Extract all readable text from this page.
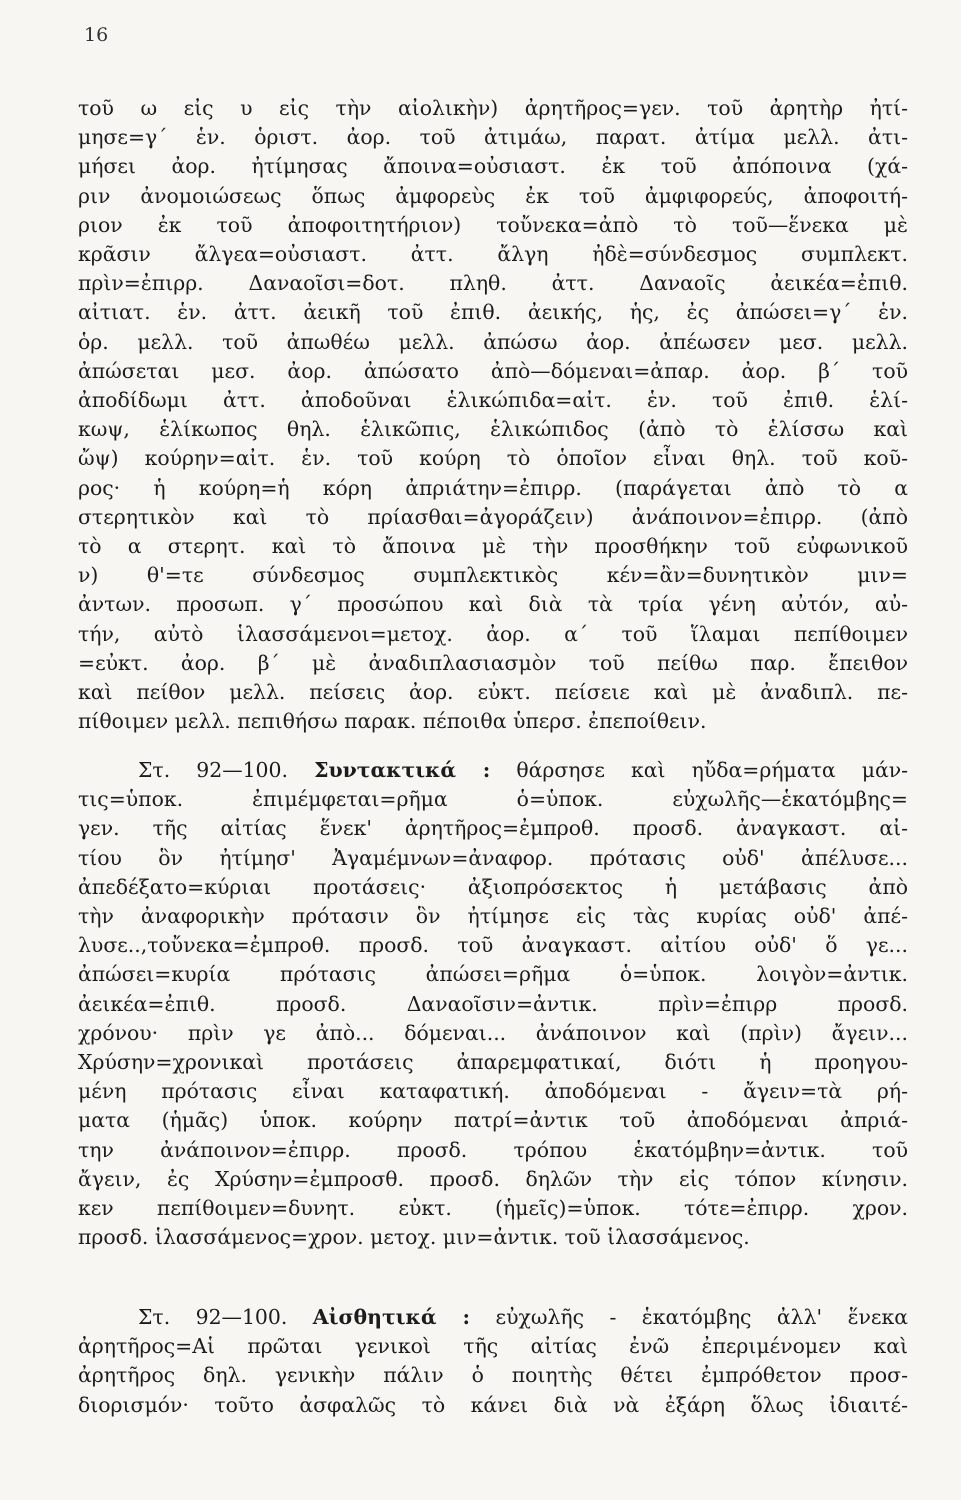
16
τοῦ ω εἰς υ εἰς τὴν αἰολικὴν) ἀρητῆρος=γεν. τοῦ ἀρητὴρ ἠτί-
μησε=γ΄ ἑν. ὁριστ. ἀορ. τοῦ ἀτιμάω, παρατ. ἀτίμα μελλ. ἀτι-
μήσει ἀορ. ἠτίμησας ἄποινα=οὐσιαστ. ἐκ τοῦ ἀπόποινα (χά-
ριν ἀνομοιώσεως ὅπως ἀμφορεὺς ἐκ τοῦ ἀμφιφορεύς, ἀποφοιτή-
ριον ἐκ τοῦ ἀποφοιτητήριον) τοὔνεκα=ἀπὸ τὸ τοῦ—ἕνεκα μὲ
κρᾶσιν ἄλγεα=οὐσιαστ. ἀττ. ἄλγη ἠδὲ=σύνδεσμος συμπλεκτ.
πρὶν=ἐπιρρ. Δαναοῖσι=δοτ. πληθ. ἀττ. Δαναοῖς ἀεικέα=ἐπιθ.
αἰτιατ. ἑν. ἀττ. ἀεικῆ τοῦ ἐπιθ. ἀεικής, ἡς, ἐς ἀπώσει=γ΄ ἑν.
ὁρ. μελλ. τοῦ ἀπωθέω μελλ. ἀπώσω ἀορ. ἀπέωσεν μεσ. μελλ.
ἀπώσεται μεσ. ἀορ. ἀπώσατο ἀπὸ—δόμεναι=ἀπαρ. ἀορ. β΄ τοῦ
ἀποδίδωμι ἀττ. ἀποδοῦναι ἑλικώπιδα=αἰτ. ἑν. τοῦ ἐπιθ. ἑλί-
κωψ, ἑλίκωπος θηλ. ἑλικῶπις, ἑλικώπιδος (ἀπὸ τὸ ἑλίσσω καὶ
ὤψ) κούρην=αἰτ. ἑν. τοῦ κούρη τὸ ὁποῖον εἶναι θηλ. τοῦ κοῦ-
ρος· ἡ κούρη=ἡ κόρη ἀπριάτην=ἐπιρρ. (παράγεται ἀπὸ τὸ α
στερητικὸν καὶ τὸ πρίασθαι=ἀγοράζειν) ἀνάποινον=ἐπιρρ. (ἀπὸ
τὸ α στερητ. καὶ τὸ ἄποινα μὲ τὴν προσθήκην τοῦ εὐφωνικοῦ
ν) θ'=τε σύνδεσμος συμπλεκτικὸς κέν=ἂν=δυνητικὸν μιν=
ἀντων. προσωπ. γ΄ προσώπου καὶ διὰ τὰ τρία γένη αὐτόν, αὐ-
τήν, αὐτὸ ἱλασσάμενοι=μετοχ. ἀορ. α΄ τοῦ ἵλαμαι πεπίθοιμεν
=εὐκτ. ἀορ. β΄ μὲ ἀναδιπλασιασμὸν τοῦ πείθω παρ. ἔπειθον
καὶ πείθον μελλ. πείσεις ἀορ. εὐκτ. πείσειε καὶ μὲ ἀναδιπλ. πε-
πίθοιμεν μελλ. πεπιθήσω παρακ. πέποιθα ὑπερσ. ἐπεποίθειν.
Στ. 92—100. Συντακτικά : θάρσησε καὶ ηὔδα=ρήματα μάν-
τις=ὑποκ. ἐπιμέμφεται=ρῆμα ὁ=ὑποκ. εὐχωλῆς—ἑκατόμβης=
γεν. τῆς αἰτίας ἕνεκ' ἀρητῆρος=ἐμπροθ. προσδ. ἀναγκαστ. αἰ-
τίου ὃν ἠτίμησ' Ἀγαμέμνων=ἀναφορ. πρότασις οὐδ' ἀπέλυσε...
ἀπεδέξατο=κύριαι προτάσεις· ἀξιοπρόσεκτος ἡ μετάβασις ἀπὸ
τὴν ἀναφορικὴν πρότασιν ὃν ἠτίμησε εἰς τὰς κυρίας οὐδ' ἀπέ-
λυσε..,τοὔνεκα=ἐμπροθ. προσδ. τοῦ ἀναγκαστ. αἰτίου οὐδ' ὅ γε...
ἀπώσει=κυρία πρότασις ἀπώσει=ρῆμα ὁ=ὑποκ. λοιγὸν=ἀντικ.
ἀεικέα=ἐπιθ. προσδ. Δαναοῖσιν=ἀντικ. πρὶν=ἐπιρρ προσδ.
χρόνου· πρὶν γε ἀπὸ... δόμεναι... ἀνάποινον καὶ (πρὶν) ἄγειν...
Χρύσην=χρονικαὶ προτάσεις ἀπαρεμφατικαί, διότι ἡ προηγου-
μένη πρότασις εἶναι καταφατική. ἀποδόμεναι - ἄγειν=τὰ ρή-
ματα (ἡμᾶς) ὑποκ. κούρην πατρί=ἀντικ τοῦ ἀποδόμεναι ἀπριά-
την ἀνάποινον=ἐπιρρ. προσδ. τρόπου ἑκατόμβην=ἀντικ. τοῦ
ἄγειν, ἐς Χρύσην=ἐμπροσθ. προσδ. δηλῶν τὴν εἰς τόπον κίνησιν.
κεν πεπίθοιμεν=δυνητ. εὐκτ. (ἡμεῖς)=ὑποκ. τότε=ἐπιρρ. χρον.
προσδ. ἱλασσάμενος=χρον. μετοχ. μιν=ἀντικ. τοῦ ἱλασσάμενος.
Στ. 92—100. Αἰσθητικά : εὐχωλῆς - ἑκατόμβης ἀλλ' ἕνεκα
ἀρητῆρος=Αἱ πρῶται γενικοὶ τῆς αἰτίας ἐνῶ ἐπεριμένομεν καὶ
ἀρητῆρος δηλ. γενικὴν πάλιν ὁ ποιητὴς θέτει ἐμπρόθετον προσ-
διορισμόν· τοῦτο ἀσφαλῶς τὸ κάνει διὰ νὰ ἐξάρη ὅλως ἰδιαιτέ-
